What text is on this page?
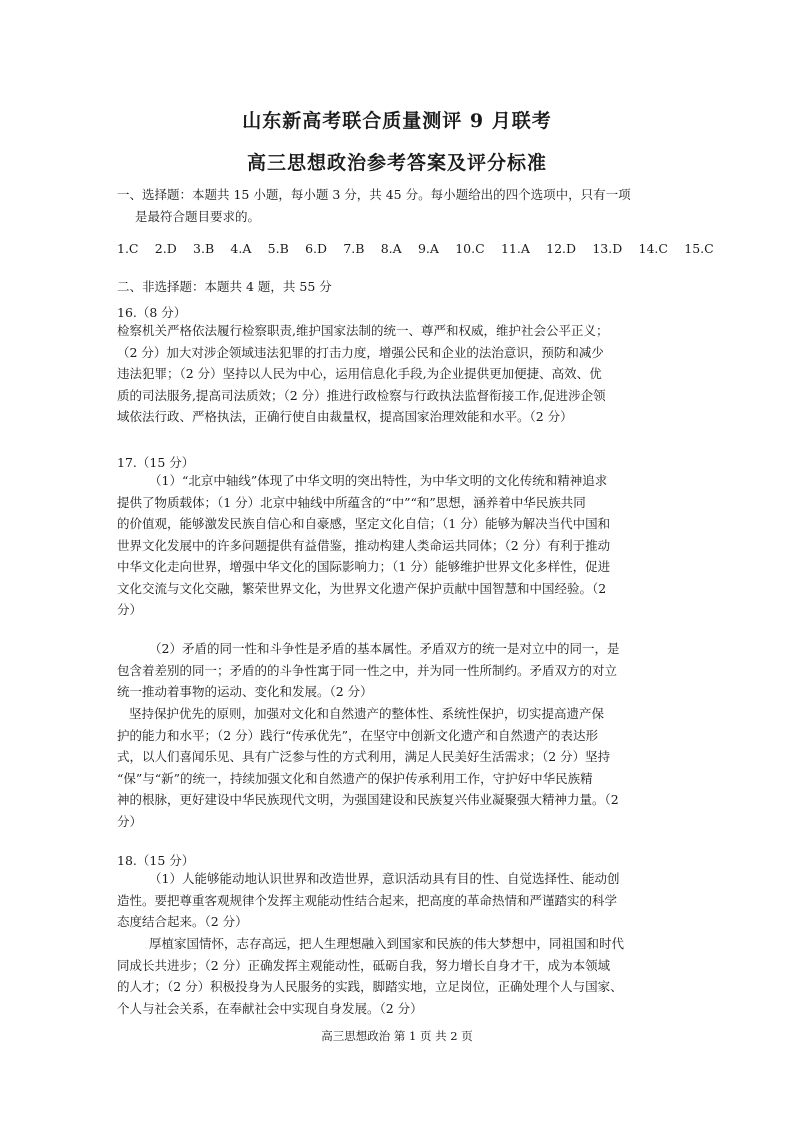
山东新高考联合质量测评 9 月联考
高三思想政治参考答案及评分标准
一、选择题：本题共 15 小题，每小题 3 分，共 45 分。每小题给出的四个选项中，只有一项
是最符合题目要求的。
1.C 2.D 3.B 4.A 5.B 6.D 7.B 8.A 9.A 10.C 11.A 12.D 13.D 14.C 15.C
二、非选择题：本题共 4 题，共 55 分
16.（8 分）
检察机关严格依法履行检察职责,维护国家法制的统一、尊严和权威，维护社会公平正义；
（2 分）加大对涉企领域违法犯罪的打击力度，增强公民和企业的法治意识，预防和减少
违法犯罪；（2 分）坚持以人民为中心，运用信息化手段,为企业提供更加便捷、高效、优
质的司法服务,提高司法质效；（2 分）推进行政检察与行政执法监督衔接工作,促进涉企领
域依法行政、严格执法，正确行使自由裁量权，提高国家治理效能和水平。（2 分）
17.（15 分）
（1）“北京中轴线”体现了中华文明的突出特性，为中华文明的文化传统和精神追求
提供了物质载体；（1 分）北京中轴线中所蕴含的“中”“和”思想，涵养着中华民族共同
的价值观，能够激发民族自信心和自豪感，坚定文化自信；（1 分）能够为解决当代中国和
世界文化发展中的许多问题提供有益借鉴，推动构建人类命运共同体；（2 分）有利于推动
中华文化走向世界，增强中华文化的国际影响力；（1 分）能够维护世界文化多样性，促进
文化交流与文化交融，繁荣世界文化，为世界文化遗产保护贡献中国智慧和中国经验。（2
分）
（2）矛盾的同一性和斗争性是矛盾的基本属性。矛盾双方的统一是对立中的同一，是
包含着差别的同一；矛盾的的斗争性寓于同一性之中，并为同一性所制约。矛盾双方的对立
统一推动着事物的运动、变化和发展。（2 分）
坚持保护优先的原则，加强对文化和自然遗产的整体性、系统性保护，切实提高遗产保
护的能力和水平；（2 分）践行“传承优先”，在坚守中创新文化遗产和自然遗产的表达形
式，以人们喜闻乐见、具有广泛参与性的方式利用，满足人民美好生活需求；（2 分）坚持
“保”与“新”的统一，持续加强文化和自然遗产的保护传承利用工作，守护好中华民族精
神的根脉，更好建设中华民族现代文明，为强国建设和民族复兴伟业凝聚强大精神力量。（2
分）
18.（15 分）
（1）人能够能动地认识世界和改造世界，意识活动具有目的性、自觉选择性、能动创
造性。要把尊重客观规律个发挥主观能动性结合起来，把高度的革命热情和严谨踏实的科学
态度结合起来。（2 分）
厚植家国情怀，志存高远，把人生理想融入到国家和民族的伟大梦想中，同祖国和时代
同成长共进步；（2 分）正确发挥主观能动性，砥砺自我，努力增长自身才干，成为本领域
的人才；（2 分）积极投身为人民服务的实践，脚踏实地，立足岗位，正确处理个人与国家、
个人与社会关系，在奉献社会中实现自身发展。（2 分）
高三思想政治 第 1 页 共 2 页
